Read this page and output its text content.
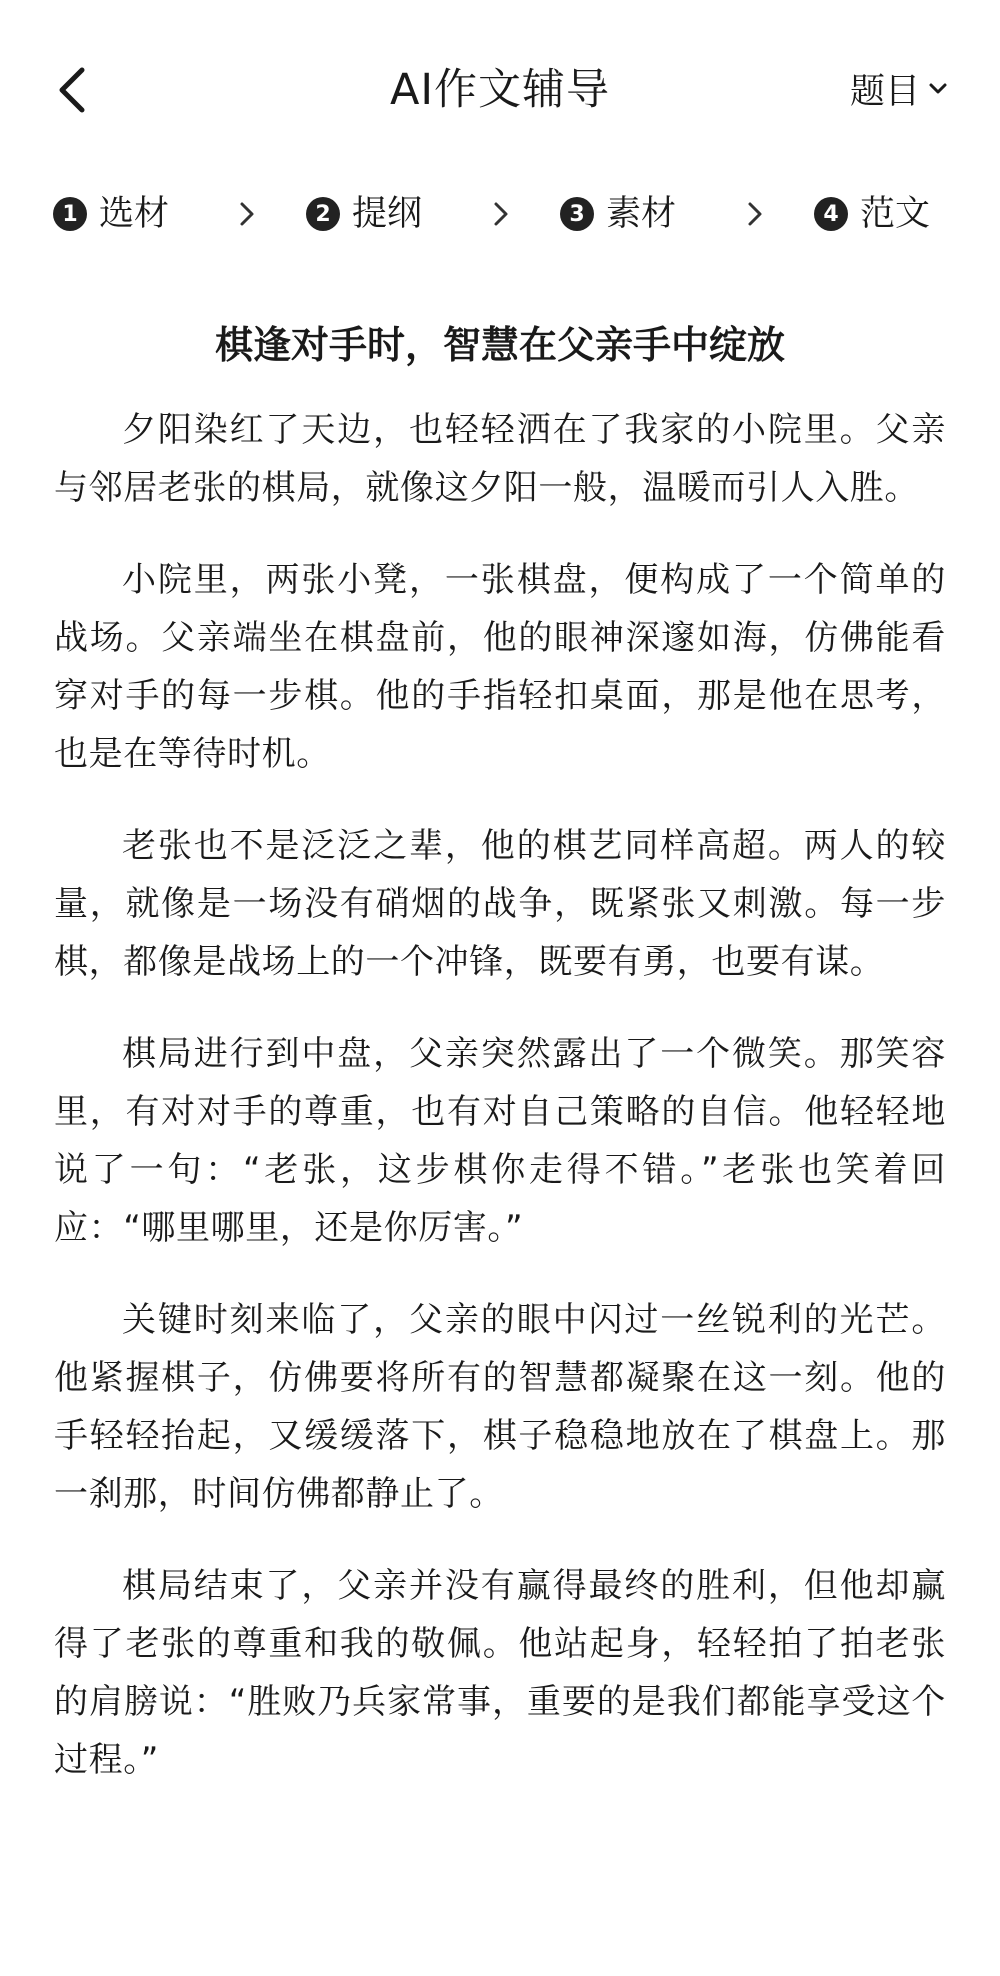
AI作文辅导	题目
1 选材	2 提纲	3 素材	4 范文
棋逢对手时，智慧在父亲手中绽放

夕阳染红了天边，也轻轻洒在了我家的小院里。父亲与邻居老张的棋局，就像这夕阳一般，温暖而引人入胜。

小院里，两张小凳，一张棋盘，便构成了一个简单的战场。父亲端坐在棋盘前，他的眼神深邃如海，仿佛能看穿对手的每一步棋。他的手指轻扣桌面，那是他在思考，也是在等待时机。

老张也不是泛泛之辈，他的棋艺同样高超。两人的较量，就像是一场没有硝烟的战争，既紧张又刺激。每一步棋，都像是战场上的一个冲锋，既要有勇，也要有谋。

棋局进行到中盘，父亲突然露出了一个微笑。那笑容里，有对对手的尊重，也有对自己策略的自信。他轻轻地说了一句：“老张，这步棋你走得不错。”老张也笑着回应：“哪里哪里，还是你厉害。”

关键时刻来临了，父亲的眼中闪过一丝锐利的光芒。他紧握棋子，仿佛要将所有的智慧都凝聚在这一刻。他的手轻轻抬起，又缓缓落下，棋子稳稳地放在了棋盘上。那一刹那，时间仿佛都静止了。

棋局结束了，父亲并没有赢得最终的胜利，但他却赢得了老张的尊重和我的敬佩。他站起身，轻轻拍了拍老张的肩膀说：“胜败乃兵家常事，重要的是我们都能享受这个过程。”
